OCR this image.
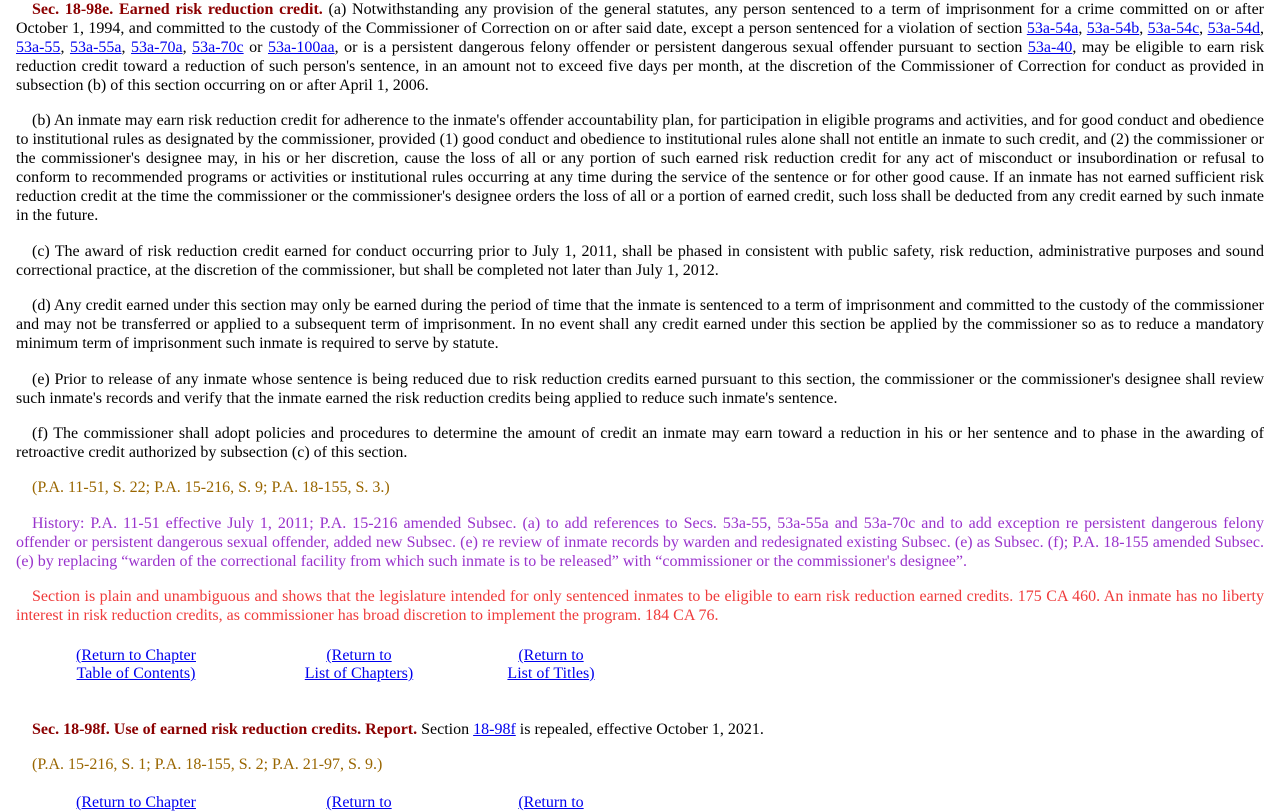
Sec. 18-98e. Earned risk reduction credit. (a) Notwithstanding any provision of the general statutes, any person sentenced to a term of imprisonment for a crime committed on or after October 1, 1994, and committed to the custody of the Commissioner of Correction on or after said date, except a person sentenced for a violation of section 53a-54a, 53a-54b, 53a-54c, 53a-54d, 53a-55, 53a-55a, 53a-70a, 53a-70c or 53a-100aa, or is a persistent dangerous felony offender or persistent dangerous sexual offender pursuant to section 53a-40, may be eligible to earn risk reduction credit toward a reduction of such person's sentence, in an amount not to exceed five days per month, at the discretion of the Commissioner of Correction for conduct as provided in subsection (b) of this section occurring on or after April 1, 2006.

(b) An inmate may earn risk reduction credit for adherence to the inmate's offender accountability plan, for participation in eligible programs and activities, and for good conduct and obedience to institutional rules as designated by the commissioner, provided (1) good conduct and obedience to institutional rules alone shall not entitle an inmate to such credit, and (2) the commissioner or the commissioner's designee may, in his or her discretion, cause the loss of all or any portion of such earned risk reduction credit for any act of misconduct or insubordination or refusal to conform to recommended programs or activities or institutional rules occurring at any time during the service of the sentence or for other good cause. If an inmate has not earned sufficient risk reduction credit at the time the commissioner or the commissioner's designee orders the loss of all or a portion of earned credit, such loss shall be deducted from any credit earned by such inmate in the future.

(c) The award of risk reduction credit earned for conduct occurring prior to July 1, 2011, shall be phased in consistent with public safety, risk reduction, administrative purposes and sound correctional practice, at the discretion of the commissioner, but shall be completed not later than July 1, 2012.

(d) Any credit earned under this section may only be earned during the period of time that the inmate is sentenced to a term of imprisonment and committed to the custody of the commissioner and may not be transferred or applied to a subsequent term of imprisonment. In no event shall any credit earned under this section be applied by the commissioner so as to reduce a mandatory minimum term of imprisonment such inmate is required to serve by statute.

(e) Prior to release of any inmate whose sentence is being reduced due to risk reduction credits earned pursuant to this section, the commissioner or the commissioner's designee shall review such inmate's records and verify that the inmate earned the risk reduction credits being applied to reduce such inmate's sentence.

(f) The commissioner shall adopt policies and procedures to determine the amount of credit an inmate may earn toward a reduction in his or her sentence and to phase in the awarding of retroactive credit authorized by subsection (c) of this section.

(P.A. 11-51, S. 22; P.A. 15-216, S. 9; P.A. 18-155, S. 3.)

History: P.A. 11-51 effective July 1, 2011; P.A. 15-216 amended Subsec. (a) to add references to Secs. 53a-55, 53a-55a and 53a-70c and to add exception re persistent dangerous felony offender or persistent dangerous sexual offender, added new Subsec. (e) re review of inmate records by warden and redesignated existing Subsec. (e) as Subsec. (f); P.A. 18-155 amended Subsec. (e) by replacing “warden of the correctional facility from which such inmate is to be released” with “commissioner or the commissioner's designee”.

Section is plain and unambiguous and shows that the legislature intended for only sentenced inmates to be eligible to earn risk reduction earned credits. 175 CA 460. An inmate has no liberty interest in risk reduction credits, as commissioner has broad discretion to implement the program. 184 CA 76.

(Return to Chapter
Table of Contents)
(Return to
List of Chapters)
(Return to
List of Titles)

Sec. 18-98f. Use of earned risk reduction credits. Report. Section 18-98f is repealed, effective October 1, 2021.

(P.A. 15-216, S. 1; P.A. 18-155, S. 2; P.A. 21-97, S. 9.)

(Return to Chapter	(Return to	(Return to
